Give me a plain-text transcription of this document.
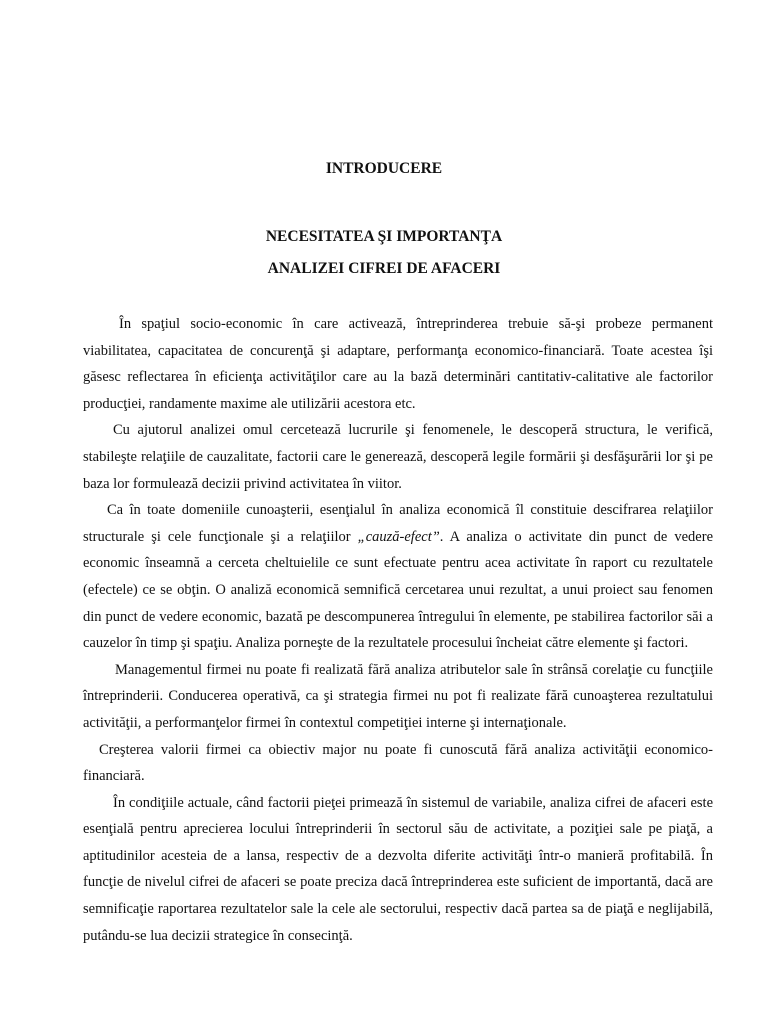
INTRODUCERE
NECESITATEA ŞI IMPORTANŢA
ANALIZEI CIFREI DE AFACERI

În spaţiul socio-economic în care activează, întreprinderea trebuie să-şi probeze permanent viabilitatea, capacitatea de concurenţă şi adaptare, performanţa economico-financiară. Toate acestea îşi găsesc reflectarea în eficienţa activităţilor care au la bază determinări cantitativ-calitative ale factorilor producţiei, randamente maxime ale utilizării acestora etc.

Cu ajutorul analizei omul cercetează lucrurile şi fenomenele, le descoperă structura, le verifică, stabileşte relaţiile de cauzalitate, factorii care le generează, descoperă legile formării şi desfăşurării lor şi pe baza lor formulează decizii privind activitatea în viitor.

Ca în toate domeniile cunoaşterii, esenţialul în analiza economică îl constituie descifrarea relaţiilor structurale şi cele funcţionale şi a relaţiilor „cauză-efect”. A analiza o activitate din punct de vedere economic înseamnă a cerceta cheltuielile ce sunt efectuate pentru acea activitate în raport cu rezultatele (efectele) ce se obţin. O analiză economică semnifică cercetarea unui rezultat, a unui proiect sau fenomen din punct de vedere economic, bazată pe descompunerea întregului în elemente, pe stabilirea factorilor săi a cauzelor în timp şi spaţiu. Analiza porneşte de la rezultatele procesului încheiat către elemente şi factori.

Managementul firmei nu poate fi realizată fără analiza atributelor sale în strânsă corelaţie cu funcţiile întreprinderii. Conducerea operativă, ca şi strategia firmei nu pot fi realizate fără cunoaşterea rezultatului activităţii, a performanţelor firmei în contextul competiţiei interne şi internaţionale.

Creşterea valorii firmei ca obiectiv major nu poate fi cunoscută fără analiza activităţii economico-financiară.

În condiţiile actuale, când factorii pieţei primează în sistemul de variabile, analiza cifrei de afaceri este esenţială pentru aprecierea locului întreprinderii în sectorul său de activitate, a poziţiei sale pe piaţă, a aptitudinilor acesteia de a lansa, respectiv de a dezvolta diferite activităţi într-o manieră profitabilă. În funcţie de nivelul cifrei de afaceri se poate preciza dacă întreprinderea este suficient de importantă, dacă are semnificaţie raportarea rezultatelor sale la cele ale sectorului, respectiv dacă partea sa de piaţă e neglijabilă, putându-se lua decizii strategice în consecinţă.
